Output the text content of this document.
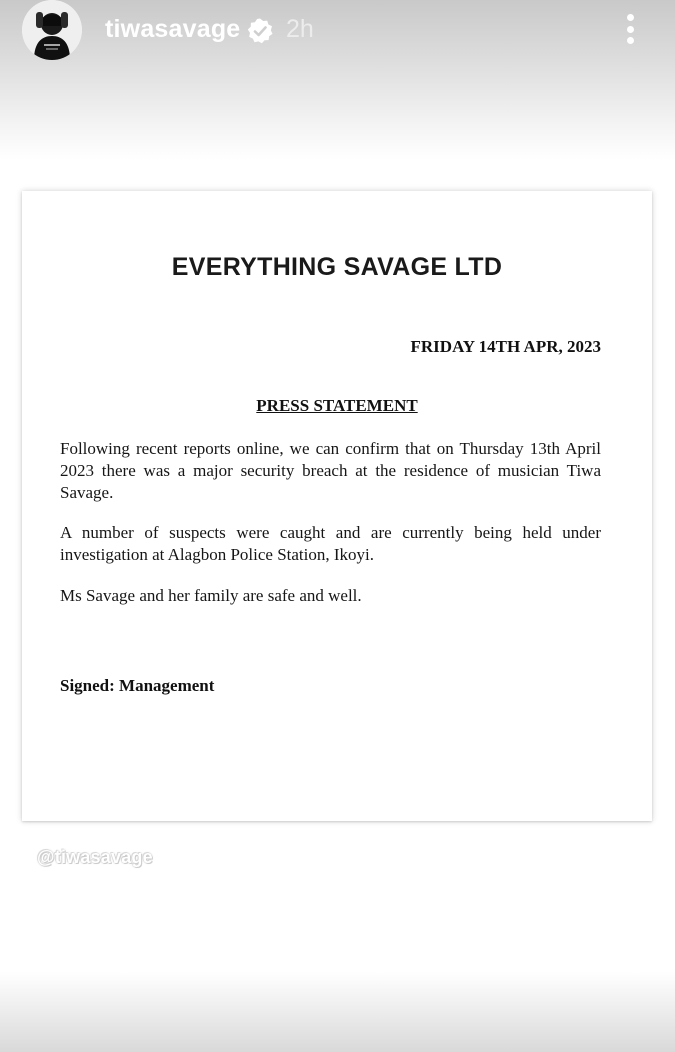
tiwasavage 2h
EVERYTHING SAVAGE LTD
FRIDAY 14TH APR, 2023
PRESS STATEMENT

Following recent reports online, we can confirm that on Thursday 13th April 2023 there was a major security breach at the residence of musician Tiwa Savage.

A number of suspects were caught and are currently being held under investigation at Alagbon Police Station, Ikoyi.

Ms Savage and her family are safe and well.

Signed: Management
@tiwasavage
